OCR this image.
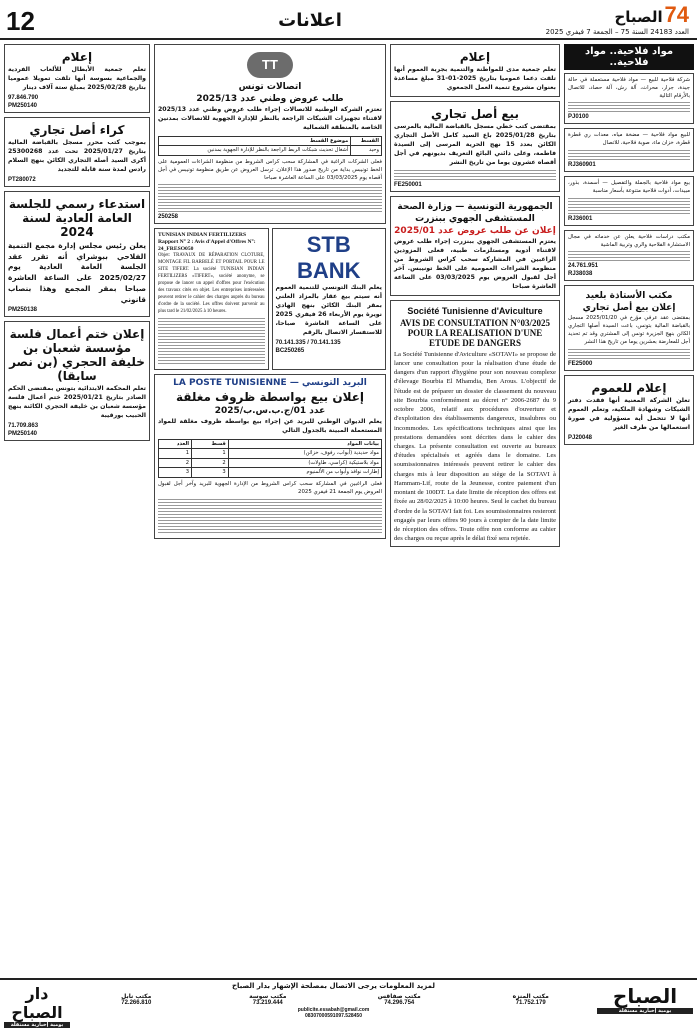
12	اعلانات	74 الصباح
العدد 24183 السنة 75 – الجمعة 7 فيفري 2025
مواد فلاحية.. مواد فلاحية..
شركة فلاحية للبيع — مواد فلاحية مستعملة في حالة جيدة، جرار، محراث، آلة رش، آلة حصاد، للاتصال بالأرقام التالية
PJ0100
للبيع مواد فلاحية — مضخة مياه، معدات ري قطرة قطرة، خزان ماء، صوبة فلاحية، للاتصال
RJ360901
بيع مواد فلاحية بالجملة والتفصيل — أسمدة، بذور، مبيدات، أدوات فلاحية متنوعة بأسعار مناسبة
RJ36001
مكتب دراسات فلاحية يعلن عن خدماته في مجال الاستشارة الفلاحية والري وتربية الماشية
24.761.951
RJ38038
مكتب الأستاذة بلعيد
إعلان بيع أصل تجاري
بمقتضى عقد عرفي مؤرخ في 2025/01/20 مسجل بالقباضة المالية بتونس، باعت السيدة أصلها التجاري الكائن بنهج الجزيرة تونس إلى المشتري وقد تم تحديد أجل للمعارضة بعشرين يوما من تاريخ هذا النشر
FE25000
إعلام للعموم
تعلن الشركة المعنية أنها فقدت دفتر الشيكات وشهادة الملكية، وتعلم العموم أنها لا تتحمل أية مسؤولية في صورة استعمالها من طرف الغير
PJ20048
إعلام
تعلم جمعية مدى للمواطنة والتنمية بجربة العموم أنها تلقت دعما عموميا بتاريخ 2025-01-31 مبلغ مساعدة بعنوان مشروع تنمية العمل الجمعوي
بيع أصل تجاري
بمقتضى كتب خطي مسجل بالقباضة المالية بالمرسى بتاريخ 2025/01/28 باع السيد كامل الأصل التجاري الكائن بعدد 15 نهج الحرية المرسى إلى السيدة فاطمة، وعلى دائني البائع التعريف بديونهم في أجل أقصاه عشرون يوما من تاريخ النشر
FE250001
الجمهورية التونسية — وزارة الصحة
المستشفى الجهوي ببنزرت
إعلان عن طلب عروض عدد 2025/01
يعتزم المستشفى الجهوي ببنزرت إجراء طلب عروض لاقتناء أدوية ومستلزمات طبية، فعلى المزودين الراغبين في المشاركة سحب كراس الشروط من منظومة الشراءات العمومية على الخط تونيبس. آخر أجل لقبول العروض يوم 03/03/2025 على الساعة العاشرة صباحا
Société Tunisienne d'Aviculture
AVIS DE CONSULTATION N°03/2025 POUR LA REALISATION D'UNE ETUDE DE DANGERS
La Société Tunisienne d'Aviculture «SOTAVI» se propose de lancer une consultation pour la réalisation d'une étude de dangers d'un rapport d'hygiène pour son nouveau complexe d'élevage Bourbia El Mhamdia, Ben Arous. L'objectif de l'étude est de préparer un dossier de classement du nouveau site Bourbia conformément au décret n° 2006-2687 du 9 octobre 2006, relatif aux procédures d'ouverture et d'exploitation des établissements dangereux, insalubres ou incommodes. Les spécifications techniques ainsi que les prestations demandées sont décrites dans le cahier des charges. La présente consultation est ouverte au bureaux d'études spécialisés et agréés dans le domaine. Les soumissionnaires intéressés peuvent retirer le cahier des charges mis à leur disposition au siège de la SOTAVI à Hammam-Lif, route de la Jeunesse, contre paiement d'un montant de 100DT. La date limite de réception des offres est fixée au 28/02/2025 à 10:00 heures. Seul le cachet du bureau d'ordre de la SOTAVI fait foi. Les soumissionnaires resteront engagés par leurs offres 90 jours à compter de la date limite de réception des offres. Toute offre non conforme au cahier des charges ou reçue après le délai fixé sera rejetée.
TT
اتصالات تونس
طلب عروض وطني عدد 2025/13
تعتزم الشركة الوطنية للاتصالات إجراء طلب عروض وطني عدد 2025/13 لاقتناء تجهيزات الشبكات الراجعة بالنظر للإدارة الجهوية للاتصالات بمدنين الخاصة بالمنطقة الشمالية
القسط	موضوع القسط
وحيد	أشغال تحديث شبكات الربط الراجعة بالنظر للإدارة الجهوية بمدنين
فعلى الشركات الراغبة في المشاركة سحب كراس الشروط من منظومة الشراءات العمومية على الخط تونيبس بداية من تاريخ صدور هذا الإعلان. ترسل العروض عن طريق منظومة تونيبس في أجل أقصاه يوم 03/03/2025 على الساعة العاشرة صباحا
250258
STB BANK
يعلم البنك التونسي للتنمية العموم أنه سيتم بيع عقار بالمزاد العلني بمقر البنك الكائن بنهج الهادي نويرة يوم الأربعاء 26 فيفري 2025 على الساعة العاشرة صباحا، للاستفسار الاتصال بالرقم
70.141.335 / 70.141.135
BC250265
TUNISIAN INDIAN FERTILIZERS
Rapport N° 2 : Avis d'Appel d'Offres N°: 24_FRESO050
Objet: TRAVAUX DE RÉPARATION CLOTURE, MONTAGE FIL BARBELÉ ET PORTAIL POUR LE SITE TIFERT. La société TUNISIAN INDIAN FERTILIZERS «TIFERT», société anonyme, se propose de lancer un appel d'offres pour l'exécution des travaux cités en objet. Les entreprises intéressées peuvent retirer le cahier des charges auprès du bureau d'ordre de la société. Les offres doivent parvenir au plus tard le 21/02/2025 à 10 heures.
البريد التونسي — LA POSTE TUNISIENNE
إعلان بيع بواسطة ظروف مغلقة
عدد 01/ج.ب.س.ب/2025
يعلم الديوان الوطني للبريد عن إجراء بيع بواسطة ظروف مغلقة للمواد المستعملة المبينة بالجدول التالي
بيانات المواد	قسط	العدد
مواد حديدية (أبواب، رفوف، خزائن)	1	1
مواد بلاستيكية (كراسي، طاولات)	2	2
إطارات نوافذ وأبواب من الألمنيوم	3	3
فعلى الراغبين في المشاركة سحب كراس الشروط من الإدارة الجهوية للبريد وآخر أجل لقبول العروض يوم الجمعة 21 فيفري 2025
إعلام
تعلم جمعية الأبطال للألعاب الفردية والجماعية بسوسة أنها تلقت تمويلا عموميا بتاريخ 2025/02/28 بمبلغ ستة آلاف دينار
97.846.790
PM250140
كراء أصل تجاري
بموجب كتب محرر مسجل بالقباضة المالية بتاريخ 2025/01/27 تحت عدد 25300268 أكرى السيد أصله التجاري الكائن بنهج السلام رادس لمدة سنة قابلة للتجديد
PT280072
استدعاء رسمي للجلسة العامة العادية لسنة 2024
يعلن رئيس مجلس إدارة مجمع التنمية الفلاحي ببوشراي أنه تقرر عقد الجلسة العامة العادية يوم 2025/02/27 على الساعة العاشرة صباحا بمقر المجمع وهذا بنصاب قانوني
PM250138
إعلان ختم أعمال فلسة مؤسسة شعبان بن خليفة الحجري (بن نصر سابقا)
تعلم المحكمة الابتدائية بتونس بمقتضى الحكم الصادر بتاريخ 2025/01/21 ختم أعمال فلسة مؤسسة شعبان بن خليفة الحجري الكائنة بنهج الحبيب بورقيبة
71.709.863
PM250140
الصباح
يومية إخبارية مستقلة
لمزيد المعلومات يرجى الاتصال بمصلحة الإشهار بدار الصباح
مكتب المنزه
71.752.179
مكتب صفاقس
74.296.754
مكتب سوسة
73.219.444
مكتب نابل
72.266.810
publicite.essabah@gmail.com
08307000591097.528450
دار الصباح
يومية إخبارية مستقلة
